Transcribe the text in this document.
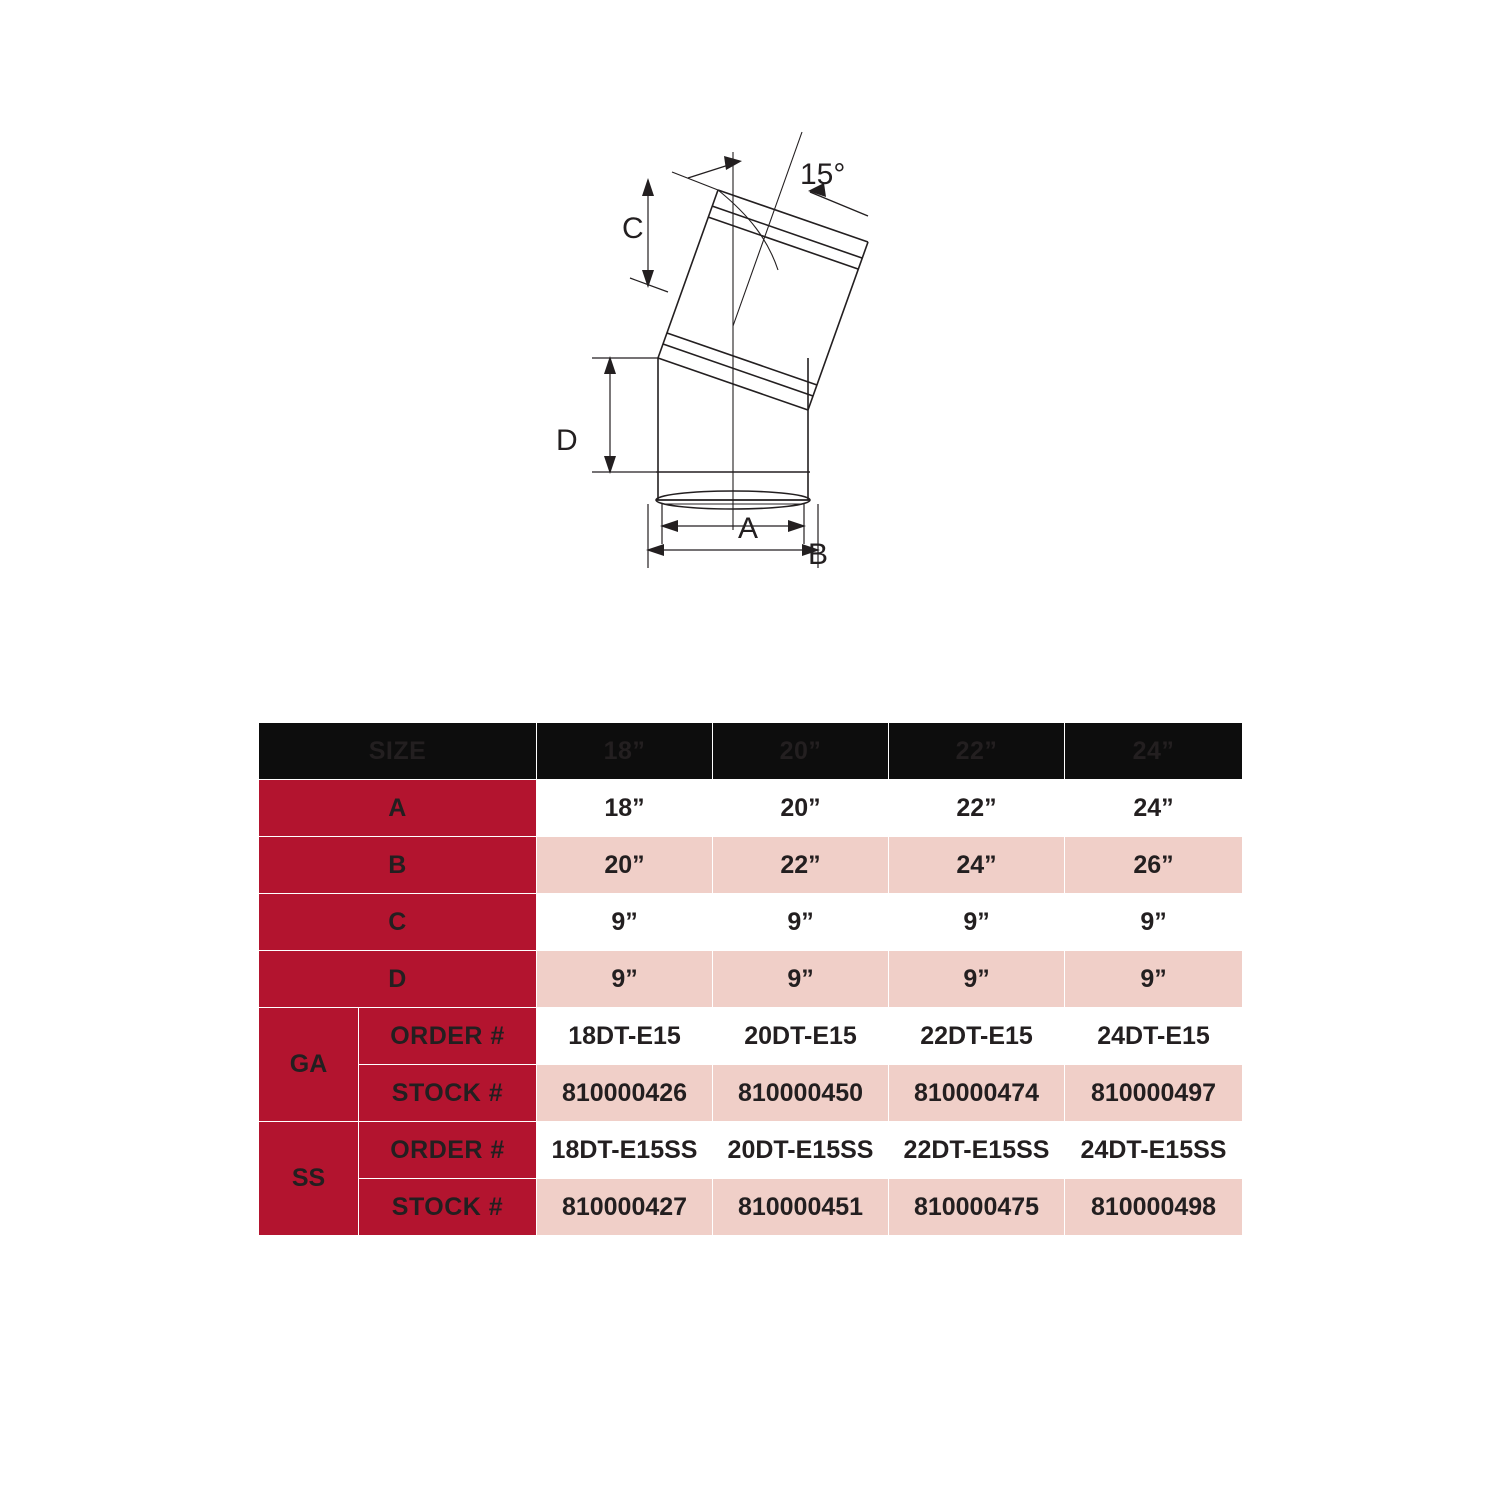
15°
C
D
A
B
SIZE		18”	20”	22”	24”
A		18”	20”	22”	24”
B		20”	22”	24”	26”
C		9”	9”	9”	9”
D		9”	9”	9”	9”
GA	ORDER #	18DT-E15	20DT-E15	22DT-E15	24DT-E15
	STOCK #	810000426	810000450	810000474	810000497
SS	ORDER #	18DT-E15SS	20DT-E15SS	22DT-E15SS	24DT-E15SS
	STOCK #	810000427	810000451	810000475	810000498
